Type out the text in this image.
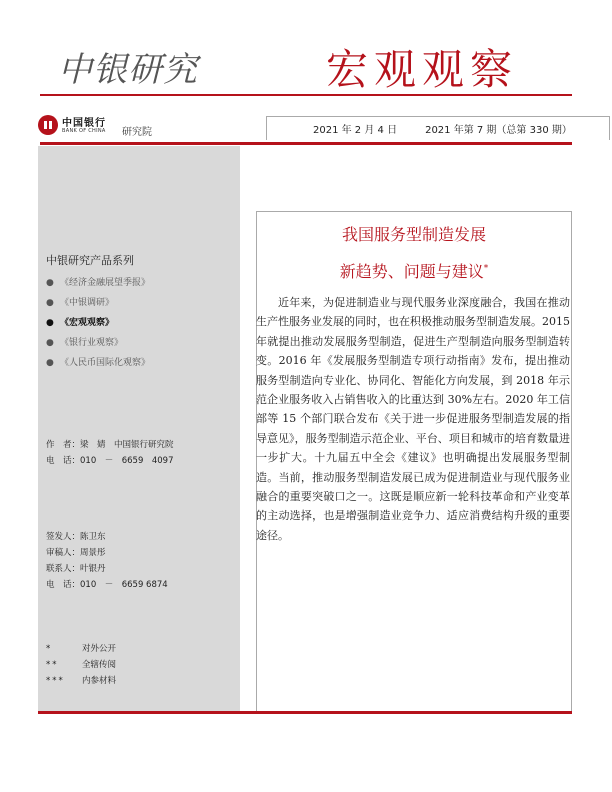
中银研究	宏观观察
中国银行
BANK OF CHINA 研究院	2021 年 2 月 4 日	2021 年第 7 期（总第 330 期）
中银研究产品系列
● 《经济金融展望季报》
● 《中银调研》
● 《宏观观察》
● 《银行业观察》
● 《人民币国际化观察》
作　者：梁　婧　中国银行研究院
电　话：010　－　6659　4097
签发人：陈卫东
审稿人：周景彤
联系人：叶银丹
电　话：010　－　6659 6874
*	对外公开
**	全辖传阅
*** 内参材料
我国服务型制造发展
新趋势、问题与建议*

近年来，为促进制造业与现代服务业深度融合，我国在推动生产性服务业发展的同时，也在积极推动服务型制造发展。2015 年就提出推动发展服务型制造，促进生产型制造向服务型制造转变。2016 年《发展服务型制造专项行动指南》发布，提出推动服务型制造向专业化、协同化、智能化方向发展，到 2018 年示范企业服务收入占销售收入的比重达到 30%左右。2020 年工信部等 15 个部门联合发布《关于进一步促进服务型制造发展的指导意见》，服务型制造示范企业、平台、项目和城市的培育数量进一步扩大。十九届五中全会《建议》也明确提出发展服务型制造。当前，推动服务型制造发展已成为促进制造业与现代服务业融合的重要突破口之一。这既是顺应新一轮科技革命和产业变革的主动选择，也是增强制造业竞争力、适应消费结构升级的重要途径。
